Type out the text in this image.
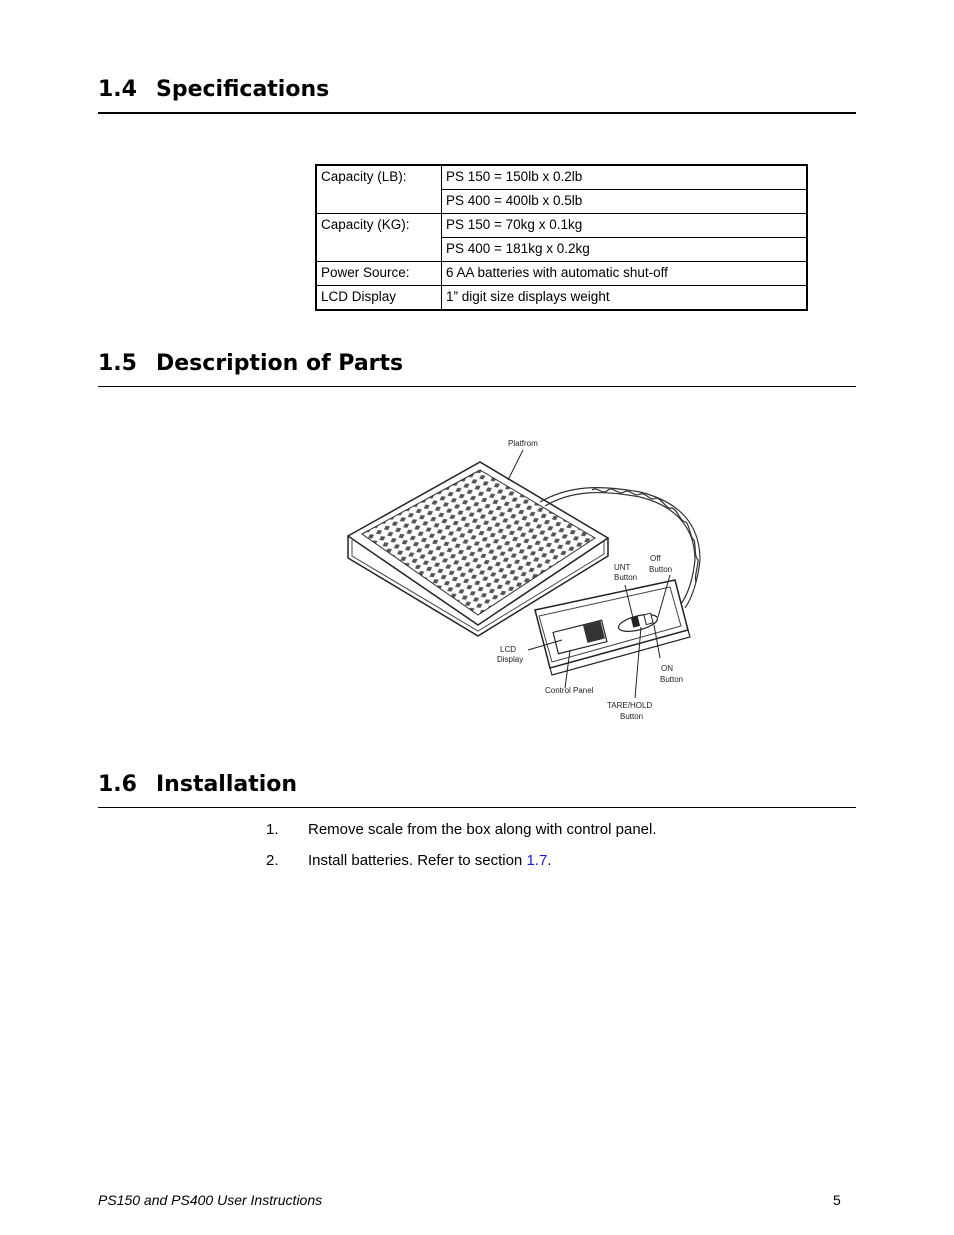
1.4 Specifications
Capacity (LB):	PS 150 = 150lb x 0.2lb
	PS 400 = 400lb x 0.5lb
Capacity (KG):	PS 150 = 70kg x 0.1kg
	PS 400 = 181kg x 0.2kg
Power Source:	6 AA batteries with automatic shut-off
LCD Display	1” digit size displays weight
1.5 Description of Parts
Platfrom
UNT
Button
Off
Button
LCD
Display
ON
Button
Control Panel
TARE/HOLD
Button
1.6 Installation
1. Remove scale from the box along with control panel.
2. Install batteries. Refer to section 1.7.
PS150 and PS400 User Instructions	5
